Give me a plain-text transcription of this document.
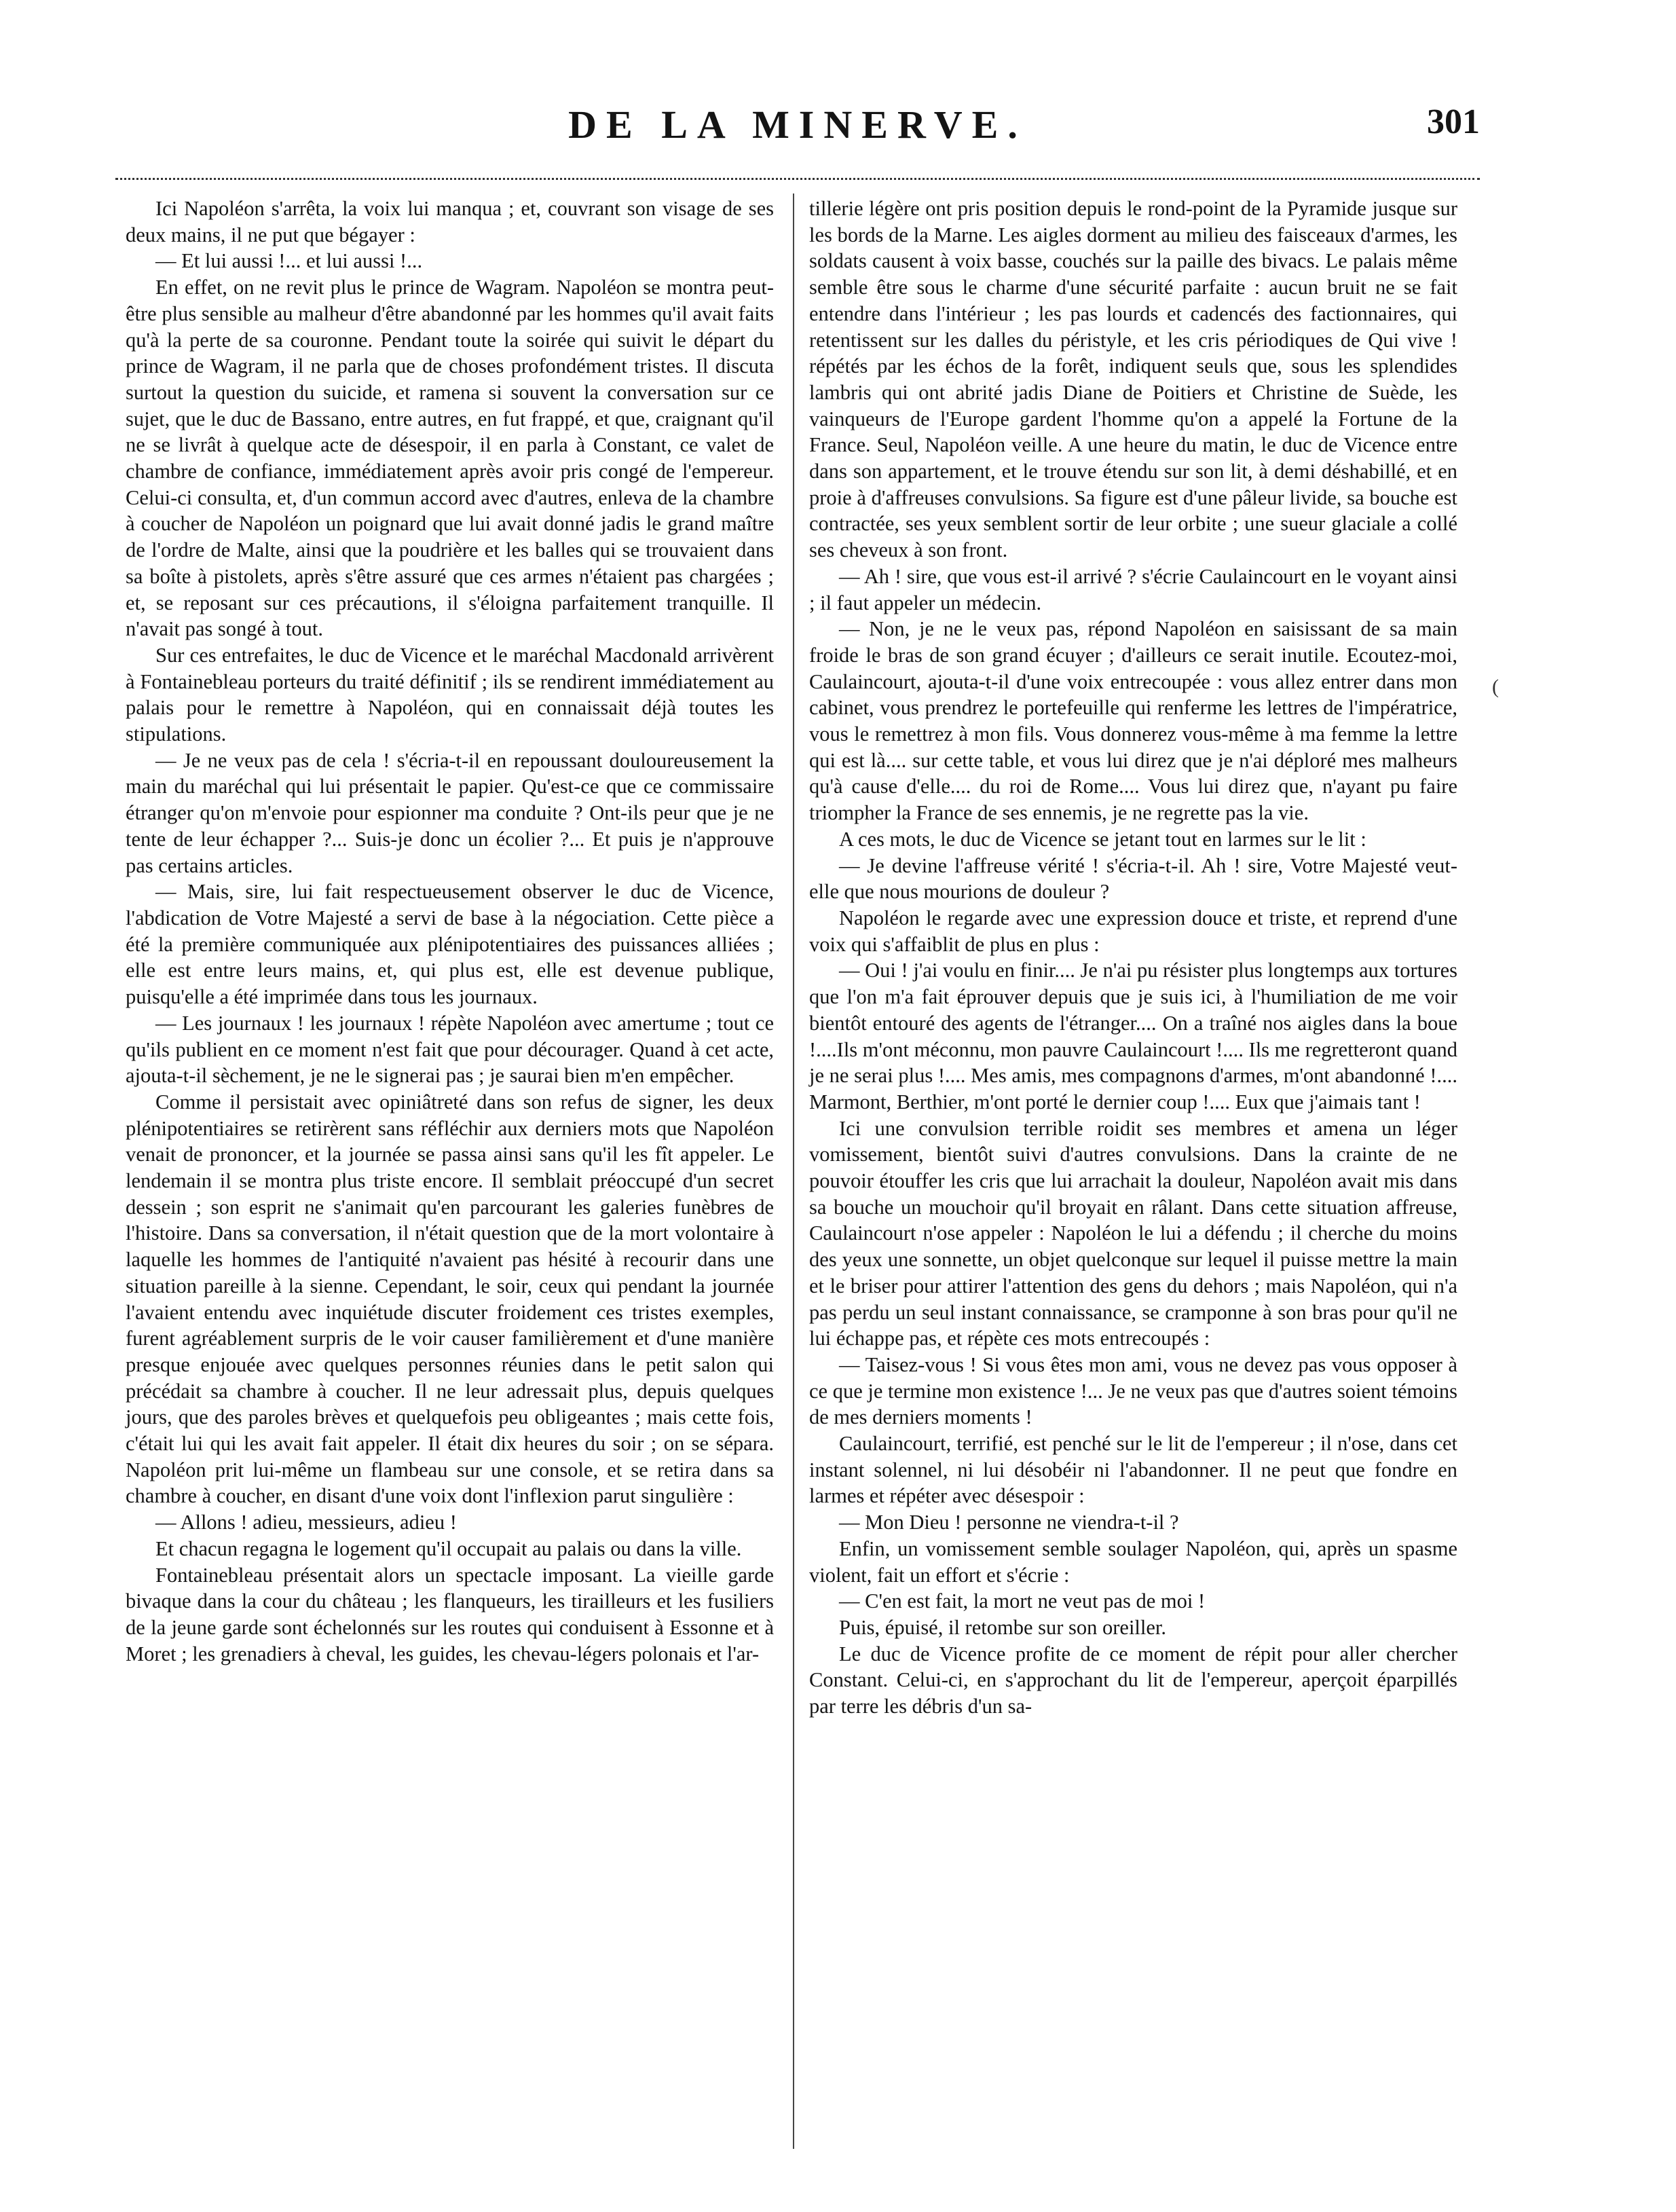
DE LA MINERVE.	301

Ici Napoléon s'arrêta, la voix lui manqua ; et, couvrant son visage de ses deux mains, il ne put que bégayer :

— Et lui aussi !... et lui aussi !...

En effet, on ne revit plus le prince de Wagram. Napoléon se montra peut-être plus sensible au malheur d'être abandonné par les hommes qu'il avait faits qu'à la perte de sa couronne. Pendant toute la soirée qui suivit le départ du prince de Wagram, il ne parla que de choses profondément tristes. Il discuta surtout la question du suicide, et ramena si souvent la conversation sur ce sujet, que le duc de Bassano, entre autres, en fut frappé, et que, craignant qu'il ne se livrât à quelque acte de désespoir, il en parla à Constant, ce valet de chambre de confiance, immédiatement après avoir pris congé de l'empereur. Celui-ci consulta, et, d'un commun accord avec d'autres, enleva de la chambre à coucher de Napoléon un poignard que lui avait donné jadis le grand maître de l'ordre de Malte, ainsi que la poudrière et les balles qui se trouvaient dans sa boîte à pistolets, après s'être assuré que ces armes n'étaient pas chargées ; et, se reposant sur ces précautions, il s'éloigna parfaitement tranquille. Il n'avait pas songé à tout.

Sur ces entrefaites, le duc de Vicence et le maréchal Macdonald arrivèrent à Fontainebleau porteurs du traité définitif ; ils se rendirent immédiatement au palais pour le remettre à Napoléon, qui en connaissait déjà toutes les stipulations.

— Je ne veux pas de cela ! s'écria-t-il en repoussant douloureusement la main du maréchal qui lui présentait le papier. Qu'est-ce que ce commissaire étranger qu'on m'envoie pour espionner ma conduite ? Ont-ils peur que je ne tente de leur échapper ?... Suis-je donc un écolier ?... Et puis je n'approuve pas certains articles.

— Mais, sire, lui fait respectueusement observer le duc de Vicence, l'abdication de Votre Majesté a servi de base à la négociation. Cette pièce a été la première communiquée aux plénipotentiaires des puissances alliées ; elle est entre leurs mains, et, qui plus est, elle est devenue publique, puisqu'elle a été imprimée dans tous les journaux.

— Les journaux ! les journaux ! répète Napoléon avec amertume ; tout ce qu'ils publient en ce moment n'est fait que pour décourager. Quand à cet acte, ajouta-t-il sèchement, je ne le signerai pas ; je saurai bien m'en empêcher.

Comme il persistait avec opiniâtreté dans son refus de signer, les deux plénipotentiaires se retirèrent sans réfléchir aux derniers mots que Napoléon venait de prononcer, et la journée se passa ainsi sans qu'il les fît appeler. Le lendemain il se montra plus triste encore. Il semblait préoccupé d'un secret dessein ; son esprit ne s'animait qu'en parcourant les galeries funèbres de l'histoire. Dans sa conversation, il n'était question que de la mort volontaire à laquelle les hommes de l'antiquité n'avaient pas hésité à recourir dans une situation pareille à la sienne. Cependant, le soir, ceux qui pendant la journée l'avaient entendu avec inquiétude discuter froidement ces tristes exemples, furent agréablement surpris de le voir causer familièrement et d'une manière presque enjouée avec quelques personnes réunies dans le petit salon qui précédait sa chambre à coucher. Il ne leur adressait plus, depuis quelques jours, que des paroles brèves et quelquefois peu obligeantes ; mais cette fois, c'était lui qui les avait fait appeler. Il était dix heures du soir ; on se sépara. Napoléon prit lui-même un flambeau sur une console, et se retira dans sa chambre à coucher, en disant d'une voix dont l'inflexion parut singulière :

— Allons ! adieu, messieurs, adieu !

Et chacun regagna le logement qu'il occupait au palais ou dans la ville.

Fontainebleau présentait alors un spectacle imposant. La vieille garde bivaque dans la cour du château ; les flanqueurs, les tirailleurs et les fusiliers de la jeune garde sont échelonnés sur les routes qui conduisent à Essonne et à Moret ; les grenadiers à cheval, les guides, les chevau-légers polonais et l'ar-

tillerie légère ont pris position depuis le rond-point de la Pyramide jusque sur les bords de la Marne. Les aigles dorment au milieu des faisceaux d'armes, les soldats causent à voix basse, couchés sur la paille des bivacs. Le palais même semble être sous le charme d'une sécurité parfaite : aucun bruit ne se fait entendre dans l'intérieur ; les pas lourds et cadencés des factionnaires, qui retentissent sur les dalles du péristyle, et les cris périodiques de Qui vive ! répétés par les échos de la forêt, indiquent seuls que, sous les splendides lambris qui ont abrité jadis Diane de Poitiers et Christine de Suède, les vainqueurs de l'Europe gardent l'homme qu'on a appelé la Fortune de la France. Seul, Napoléon veille. A une heure du matin, le duc de Vicence entre dans son appartement, et le trouve étendu sur son lit, à demi déshabillé, et en proie à d'affreuses convulsions. Sa figure est d'une pâleur livide, sa bouche est contractée, ses yeux semblent sortir de leur orbite ; une sueur glaciale a collé ses cheveux à son front.

— Ah ! sire, que vous est-il arrivé ? s'écrie Caulaincourt en le voyant ainsi ; il faut appeler un médecin.

— Non, je ne le veux pas, répond Napoléon en saisissant de sa main froide le bras de son grand écuyer ; d'ailleurs ce serait inutile. Ecoutez-moi, Caulaincourt, ajouta-t-il d'une voix entrecoupée : vous allez entrer dans mon cabinet, vous prendrez le portefeuille qui renferme les lettres de l'impératrice, vous le remettrez à mon fils. Vous donnerez vous-même à ma femme la lettre qui est là.... sur cette table, et vous lui direz que je n'ai déploré mes malheurs qu'à cause d'elle.... du roi de Rome.... Vous lui direz que, n'ayant pu faire triompher la France de ses ennemis, je ne regrette pas la vie.

A ces mots, le duc de Vicence se jetant tout en larmes sur le lit :

— Je devine l'affreuse vérité ! s'écria-t-il. Ah ! sire, Votre Majesté veut-elle que nous mourions de douleur ?

Napoléon le regarde avec une expression douce et triste, et reprend d'une voix qui s'affaiblit de plus en plus :

— Oui ! j'ai voulu en finir.... Je n'ai pu résister plus longtemps aux tortures que l'on m'a fait éprouver depuis que je suis ici, à l'humiliation de me voir bientôt entouré des agents de l'étranger.... On a traîné nos aigles dans la boue !....Ils m'ont méconnu, mon pauvre Caulaincourt !.... Ils me regretteront quand je ne serai plus !.... Mes amis, mes compagnons d'armes, m'ont abandonné !.... Marmont, Berthier, m'ont porté le dernier coup !.... Eux que j'aimais tant !

Ici une convulsion terrible roidit ses membres et amena un léger vomissement, bientôt suivi d'autres convulsions. Dans la crainte de ne pouvoir étouffer les cris que lui arrachait la douleur, Napoléon avait mis dans sa bouche un mouchoir qu'il broyait en râlant. Dans cette situation affreuse, Caulaincourt n'ose appeler : Napoléon le lui a défendu ; il cherche du moins des yeux une sonnette, un objet quelconque sur lequel il puisse mettre la main et le briser pour attirer l'attention des gens du dehors ; mais Napoléon, qui n'a pas perdu un seul instant connaissance, se cramponne à son bras pour qu'il ne lui échappe pas, et répète ces mots entrecoupés :

— Taisez-vous ! Si vous êtes mon ami, vous ne devez pas vous opposer à ce que je termine mon existence !... Je ne veux pas que d'autres soient témoins de mes derniers moments !

Caulaincourt, terrifié, est penché sur le lit de l'empereur ; il n'ose, dans cet instant solennel, ni lui désobéir ni l'abandonner. Il ne peut que fondre en larmes et répéter avec désespoir :

— Mon Dieu ! personne ne viendra-t-il ?

Enfin, un vomissement semble soulager Napoléon, qui, après un spasme violent, fait un effort et s'écrie :

— C'en est fait, la mort ne veut pas de moi !

Puis, épuisé, il retombe sur son oreiller.

Le duc de Vicence profite de ce moment de répit pour aller chercher Constant. Celui-ci, en s'approchant du lit de l'empereur, aperçoit éparpillés par terre les débris d'un sa-

(
